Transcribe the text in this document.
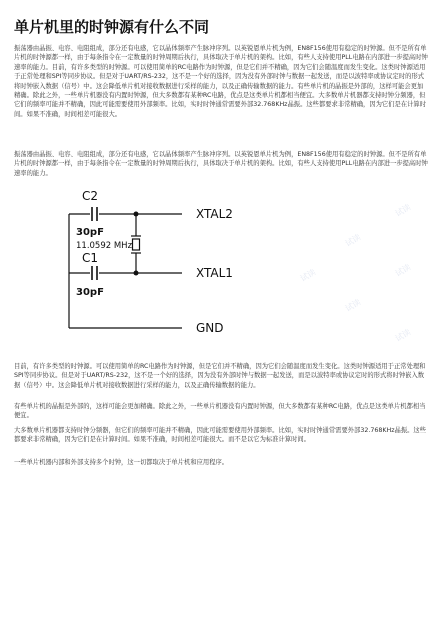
单片机里的时钟源有什么不同

振荡器由晶振、电容、电阻组成，部分还有电感，它以晶体频率产生脉冲序列。以英锐恩单片机为例，EN8F156使用有稳定的时钟源。但不是所有单片机的时钟源都一样，由于每条指令在一定数量的时钟周期后执行，具体取决于单片机的架构。比如，有些人支持使用PLL电路在内部进一步提高时钟速率的能力。目前，有许多类型的时钟源。可以使用简单的RC电路作为时钟源，但是它们并不精确，因为它们会随温度而发生变化。这类时钟源适用于正常处理和SPI等同步协议。但是对于UART/RS-232，这不是一个好的选择，因为没有外部时钟与数据一起发送，而是以波特率或协议定时的形式将时钟嵌入数据（信号）中。这会降低单片机对接收数据进行采样的能力，以及正确传输数据的能力。有些单片机的晶振是外部的，这样可能会更加精确。除此之外，一些单片机器没有内置时钟源，但大多数都有某种RC电路，优点是这类单片机都相当便宜。大多数单片机器都支持时钟分频器，但它们的频率可能并不精确，因此可能需要使用外部频率。比如，实时时钟通常需要外部32.768KHz晶振。这些都要求非常精确，因为它们是在计算时间。如果不准确，时间相差可能很大。

振荡器由晶振、电容、电阻组成，部分还有电感，它以晶体频率产生脉冲序列。以英锐恩单片机为例，EN8F156使用有稳定的时钟源。但不是所有单片机的时钟源都一样，由于每条指令在一定数量的时钟周期后执行，具体取决于单片机的架构。比如，有些人支持使用PLL电路在内部进一步提高时钟速率的能力。

C2
XTAL2
30pF
11.0592 MHz
C1
XTAL1
30pF
GND

目前，有许多类型的时钟源。可以使用简单的RC电路作为时钟源，但是它们并不精确，因为它们会随温度而发生变化。这类时钟源适用于正常处理和SPI等同步协议。但是对于UART/RS-232，这不是一个好的选择，因为没有外部时钟与数据一起发送，而是以波特率或协议定时的形式将时钟嵌入数据（信号）中。这会降低单片机对接收数据进行采样的能力，以及正确传输数据的能力。

有些单片机的晶振是外部的，这样可能会更加精确。除此之外，一些单片机器没有内置时钟源，但大多数都有某种RC电路，优点是这类单片机都相当便宜。

大多数单片机器都支持时钟分频器，但它们的频率可能并不精确，因此可能需要使用外部频率。比如，实时时钟通常需要外部32.768KHz晶振。这些都要求非常精确，因为它们是在计算时间。如果不准确，时间相差可能很大。而不是以它为标准计算时间。

一些单片机器内部和外部支持多个时钟，这一切都取决于单片机和应用程序。

试读
试读
试读
试读
试读
试读
